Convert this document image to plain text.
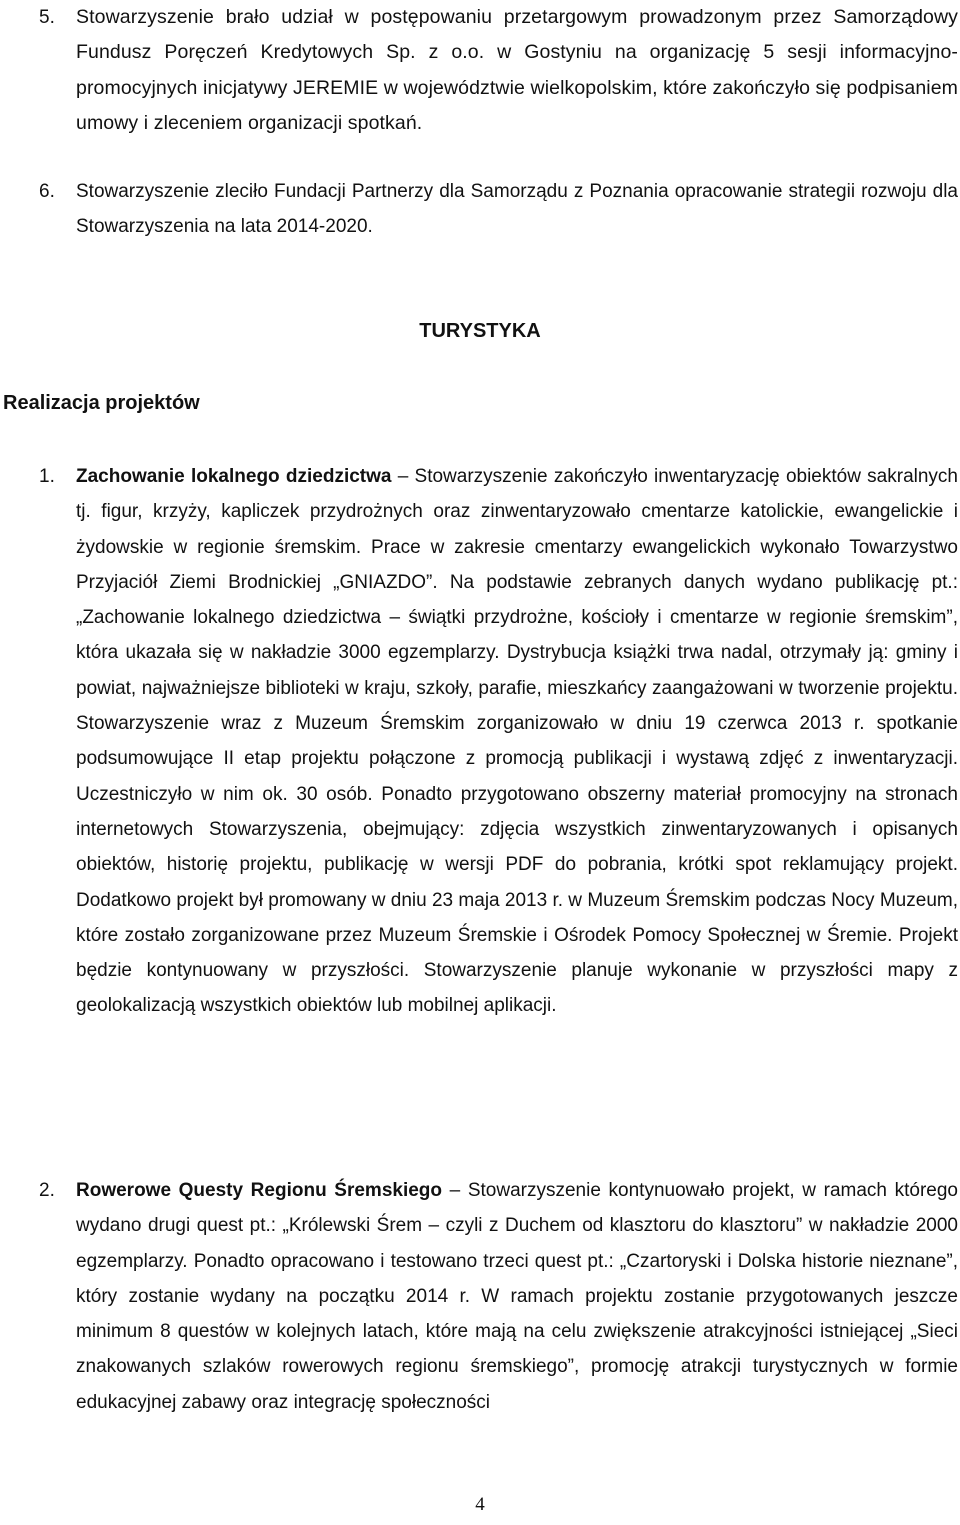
5. Stowarzyszenie brało udział w postępowaniu przetargowym prowadzonym przez Samorządowy Fundusz Poręczeń Kredytowych Sp. z o.o. w Gostyniu na organizację 5 sesji informacyjno-promocyjnych inicjatywy JEREMIE w województwie wielkopolskim, które zakończyło się podpisaniem umowy i zleceniem organizacji spotkań.
6. Stowarzyszenie zleciło Fundacji Partnerzy dla Samorządu z Poznania opracowanie strategii rozwoju dla Stowarzyszenia na lata 2014-2020.
TURYSTYKA
Realizacja projektów
1. Zachowanie lokalnego dziedzictwa – Stowarzyszenie zakończyło inwentaryzację obiektów sakralnych tj. figur, krzyży, kapliczek przydrożnych oraz zinwentaryzowało cmentarze katolickie, ewangelickie i żydowskie w regionie śremskim. Prace w zakresie cmentarzy ewangelickich wykonało Towarzystwo Przyjaciół Ziemi Brodnickiej „GNIAZDO”. Na podstawie zebranych danych wydano publikację pt.: „Zachowanie lokalnego dziedzictwa – świątki przydrożne, kościoły i cmentarze w regionie śremskim”, która ukazała się w nakładzie 3000 egzemplarzy. Dystrybucja książki trwa nadal, otrzymały ją: gminy i powiat, najważniejsze biblioteki w kraju, szkoły, parafie, mieszkańcy zaangażowani w tworzenie projektu. Stowarzyszenie wraz z Muzeum Śremskim zorganizowało w dniu 19 czerwca 2013 r. spotkanie podsumowujące II etap projektu połączone z promocją publikacji i wystawą zdjęć z inwentaryzacji. Uczestniczyło w nim ok. 30 osób. Ponadto przygotowano obszerny materiał promocyjny na stronach internetowych Stowarzyszenia, obejmujący: zdjęcia wszystkich zinwentaryzowanych i opisanych obiektów, historię projektu, publikację w wersji PDF do pobrania, krótki spot reklamujący projekt. Dodatkowo projekt był promowany w dniu 23 maja 2013 r. w Muzeum Śremskim podczas Nocy Muzeum, które zostało zorganizowane przez Muzeum Śremskie i Ośrodek Pomocy Społecznej w Śremie. Projekt będzie kontynuowany w przyszłości. Stowarzyszenie planuje wykonanie w przyszłości mapy z geolokalizacją wszystkich obiektów lub mobilnej aplikacji.
2. Rowerowe Questy Regionu Śremskiego – Stowarzyszenie kontynuowało projekt, w ramach którego wydano drugi quest pt.: „Królewski Śrem – czyli z Duchem od klasztoru do klasztoru” w nakładzie 2000 egzemplarzy. Ponadto opracowano i testowano trzeci quest pt.: „Czartoryski i Dolska historie nieznane”, który zostanie wydany na początku 2014 r. W ramach projektu zostanie przygotowanych jeszcze minimum 8 questów w kolejnych latach, które mają na celu zwiększenie atrakcyjności istniejącej „Sieci znakowanych szlaków rowerowych regionu śremskiego”, promocję atrakcji turystycznych w formie edukacyjnej zabawy oraz integrację społeczności
4
